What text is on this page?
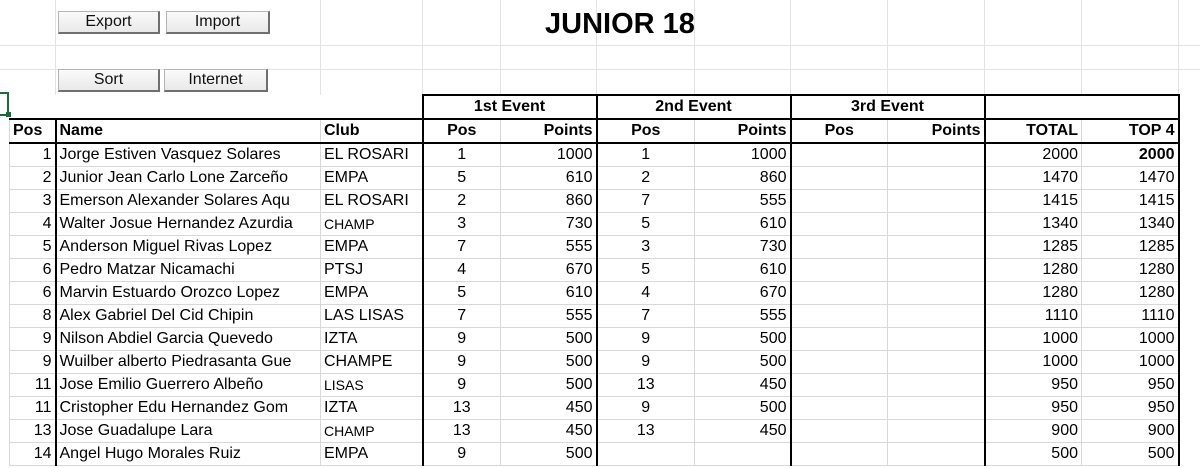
Export	Import
Sort	Internet
JUNIOR 18
			1st Event		2nd Event		3rd Event			
Pos	Name	Club	Pos	Points	Pos	Points	Pos	Points	TOTAL	TOP 4
1	Jorge Estiven Vasquez Solares	EL ROSARI	1	1000	1	1000			2000	2000
2	Junior Jean Carlo Lone Zarceño	EMPA	5	610	2	860			1470	1470
3	Emerson Alexander Solares Aqu	EL ROSARI	2	860	7	555			1415	1415
4	Walter Josue Hernandez Azurdia	CHAMP	3	730	5	610			1340	1340
5	Anderson Miguel Rivas Lopez	EMPA	7	555	3	730			1285	1285
6	Pedro Matzar Nicamachi	PTSJ	4	670	5	610			1280	1280
6	Marvin Estuardo Orozco Lopez	EMPA	5	610	4	670			1280	1280
8	Alex Gabriel Del Cid Chipin	LAS LISAS	7	555	7	555			1110	1110
9	Nilson Abdiel Garcia Quevedo	IZTA	9	500	9	500			1000	1000
9	Wuilber alberto Piedrasanta Gue	CHAMPE	9	500	9	500			1000	1000
11	Jose Emilio Guerrero Albeño	LISAS	9	500	13	450			950	950
11	Cristopher Edu Hernandez Gom	IZTA	13	450	9	500			950	950
13	Jose Guadalupe Lara	CHAMP	13	450	13	450			900	900
14	Angel Hugo Morales Ruiz	EMPA	9	500					500	500
